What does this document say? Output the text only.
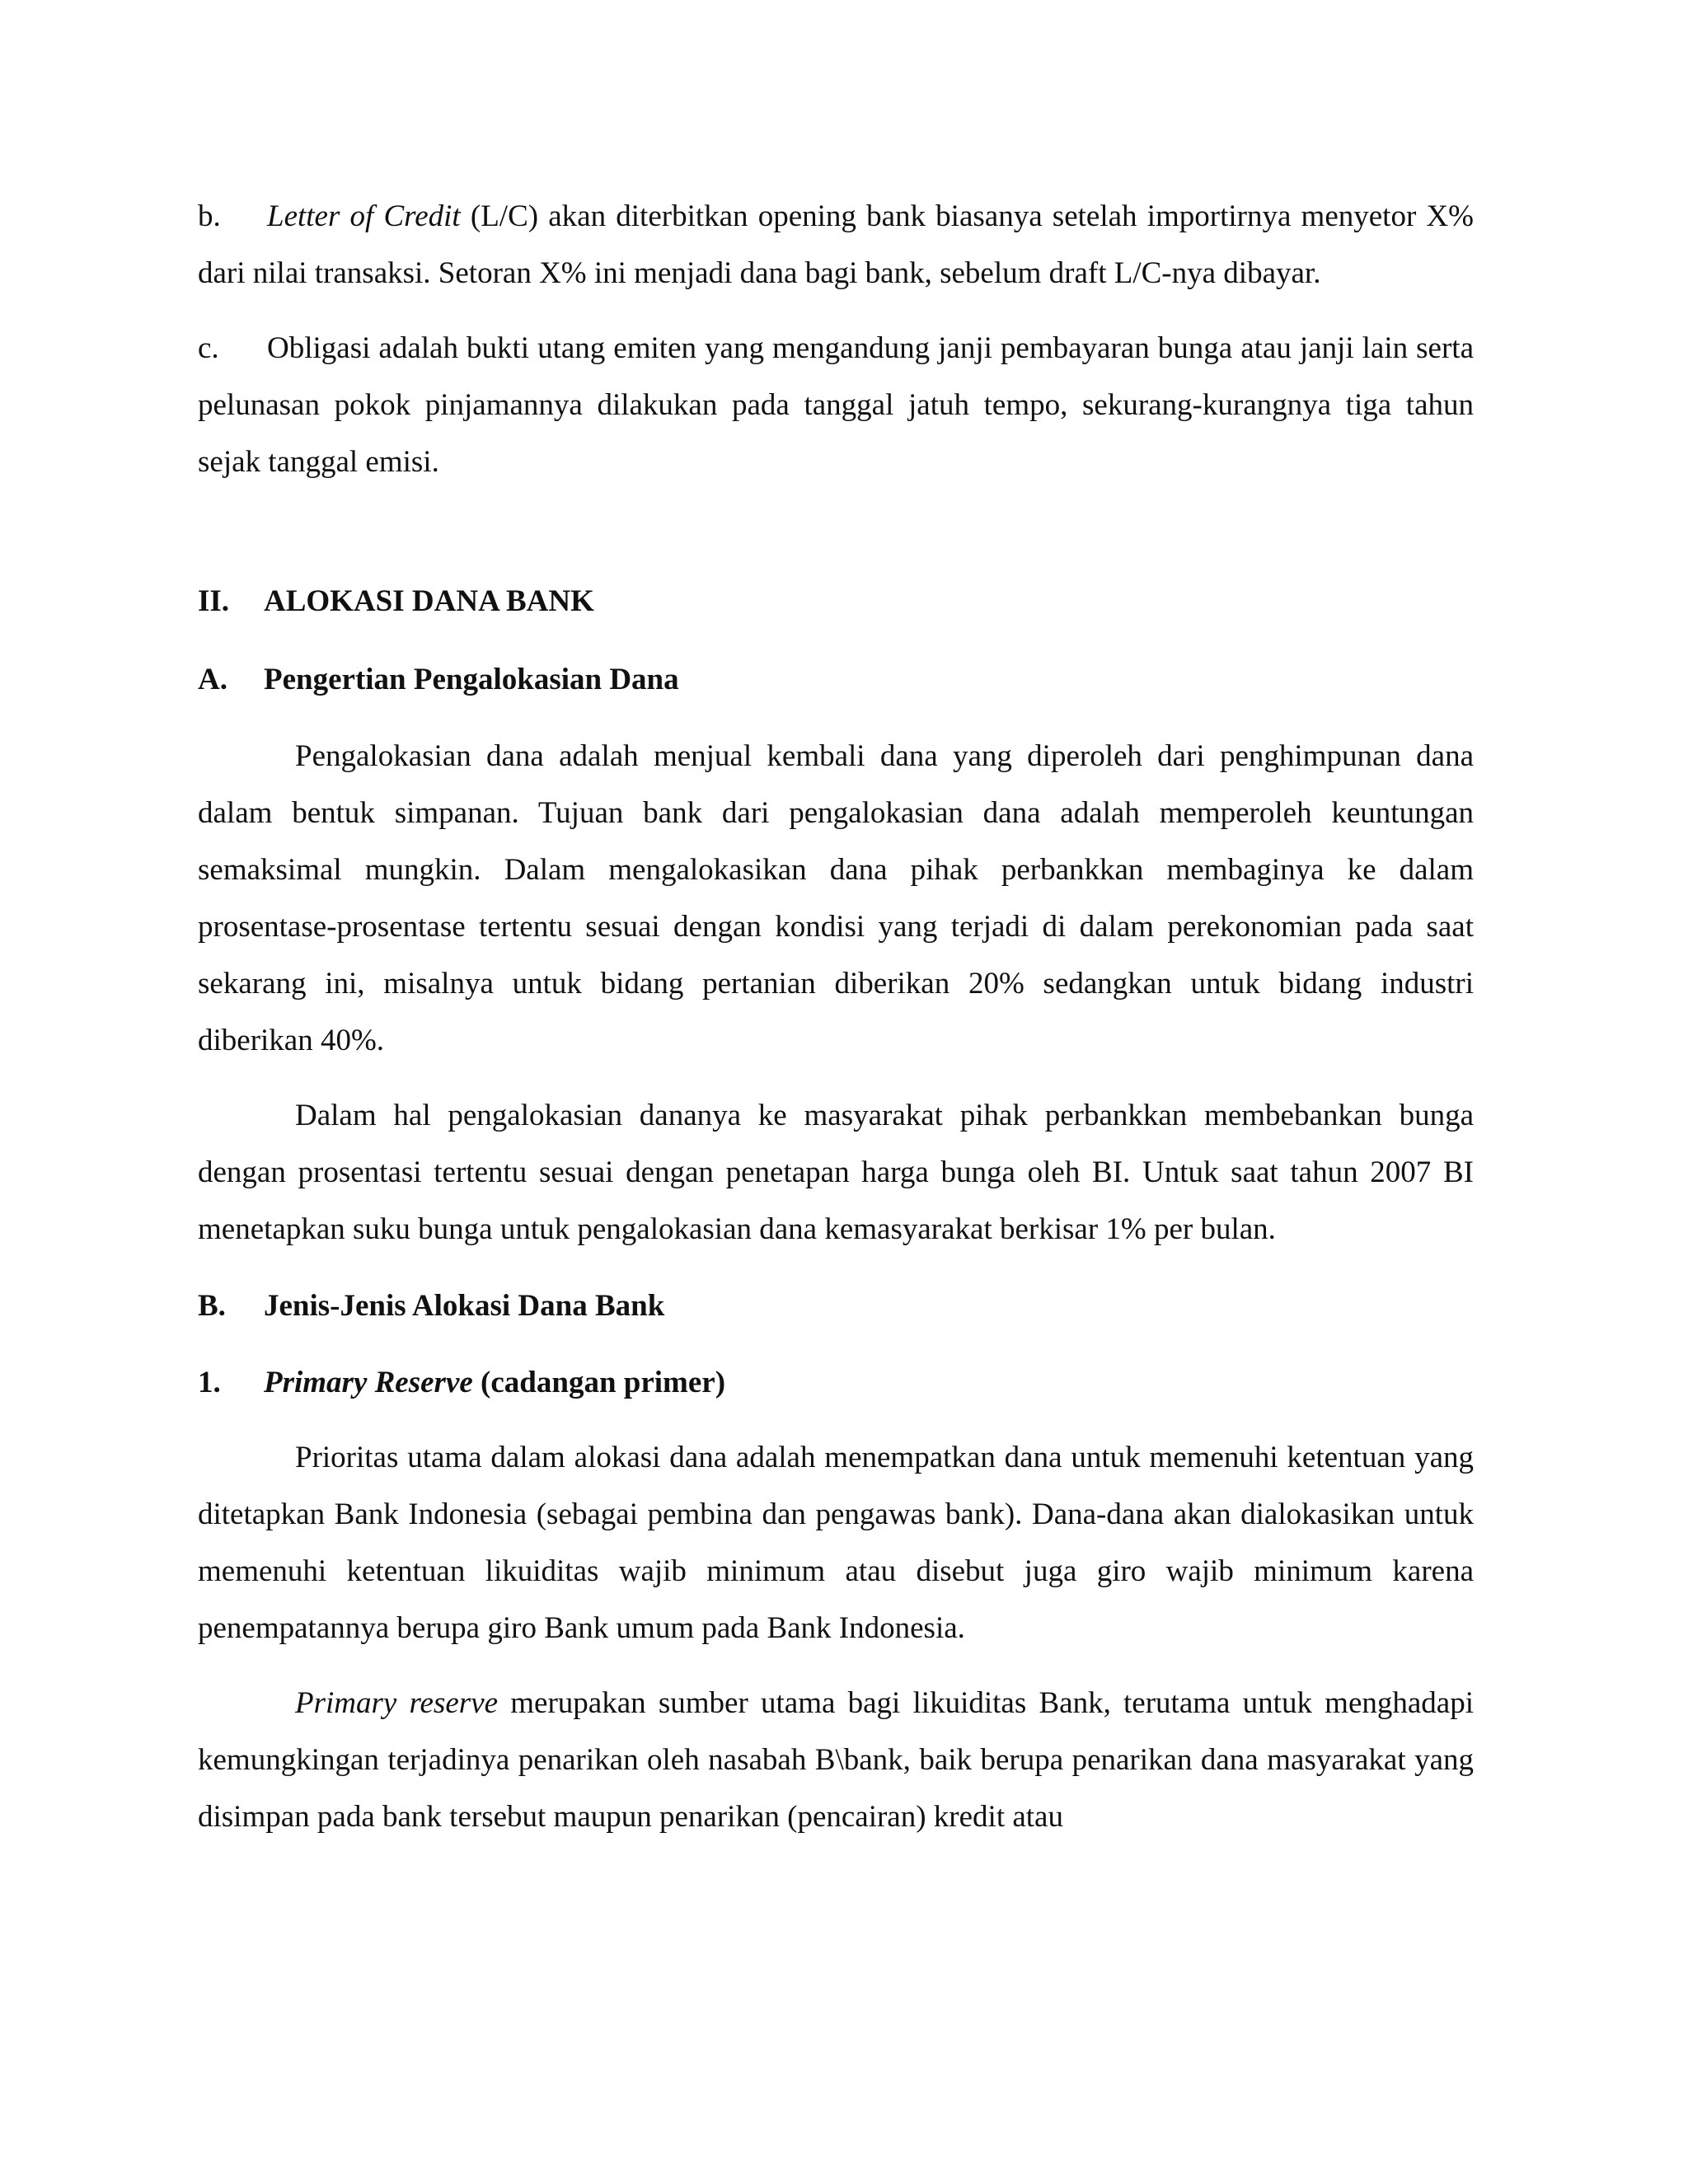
b. Letter of Credit (L/C) akan diterbitkan opening bank biasanya setelah importirnya menyetor X% dari nilai transaksi. Setoran X% ini menjadi dana bagi bank, sebelum draft L/C-nya dibayar.

c. Obligasi adalah bukti utang emiten yang mengandung janji pembayaran bunga atau janji lain serta pelunasan pokok pinjamannya dilakukan pada tanggal jatuh tempo, sekurang-kurangnya tiga tahun sejak tanggal emisi.

II. ALOKASI DANA BANK

A. Pengertian Pengalokasian Dana

Pengalokasian dana adalah menjual kembali dana yang diperoleh dari penghimpunan dana dalam bentuk simpanan. Tujuan bank dari pengalokasian dana adalah memperoleh keuntungan semaksimal mungkin. Dalam mengalokasikan dana pihak perbankkan membaginya ke dalam prosentase-prosentase tertentu sesuai dengan kondisi yang terjadi di dalam perekonomian pada saat sekarang ini, misalnya untuk bidang pertanian diberikan 20% sedangkan untuk bidang industri diberikan 40%.

Dalam hal pengalokasian dananya ke masyarakat pihak perbankkan membebankan bunga dengan prosentasi tertentu sesuai dengan penetapan harga bunga oleh BI. Untuk saat tahun 2007 BI menetapkan suku bunga untuk pengalokasian dana kemasyarakat berkisar 1% per bulan.

B. Jenis-Jenis Alokasi Dana Bank

1. Primary Reserve (cadangan primer)

Prioritas utama dalam alokasi dana adalah menempatkan dana untuk memenuhi ketentuan yang ditetapkan Bank Indonesia (sebagai pembina dan pengawas bank). Dana-dana akan dialokasikan untuk memenuhi ketentuan likuiditas wajib minimum atau disebut juga giro wajib minimum karena penempatannya berupa giro Bank umum pada Bank Indonesia.

Primary reserve merupakan sumber utama bagi likuiditas Bank, terutama untuk menghadapi kemungkingan terjadinya penarikan oleh nasabah B\bank, baik berupa penarikan dana masyarakat yang disimpan pada bank tersebut maupun penarikan (pencairan) kredit atau
